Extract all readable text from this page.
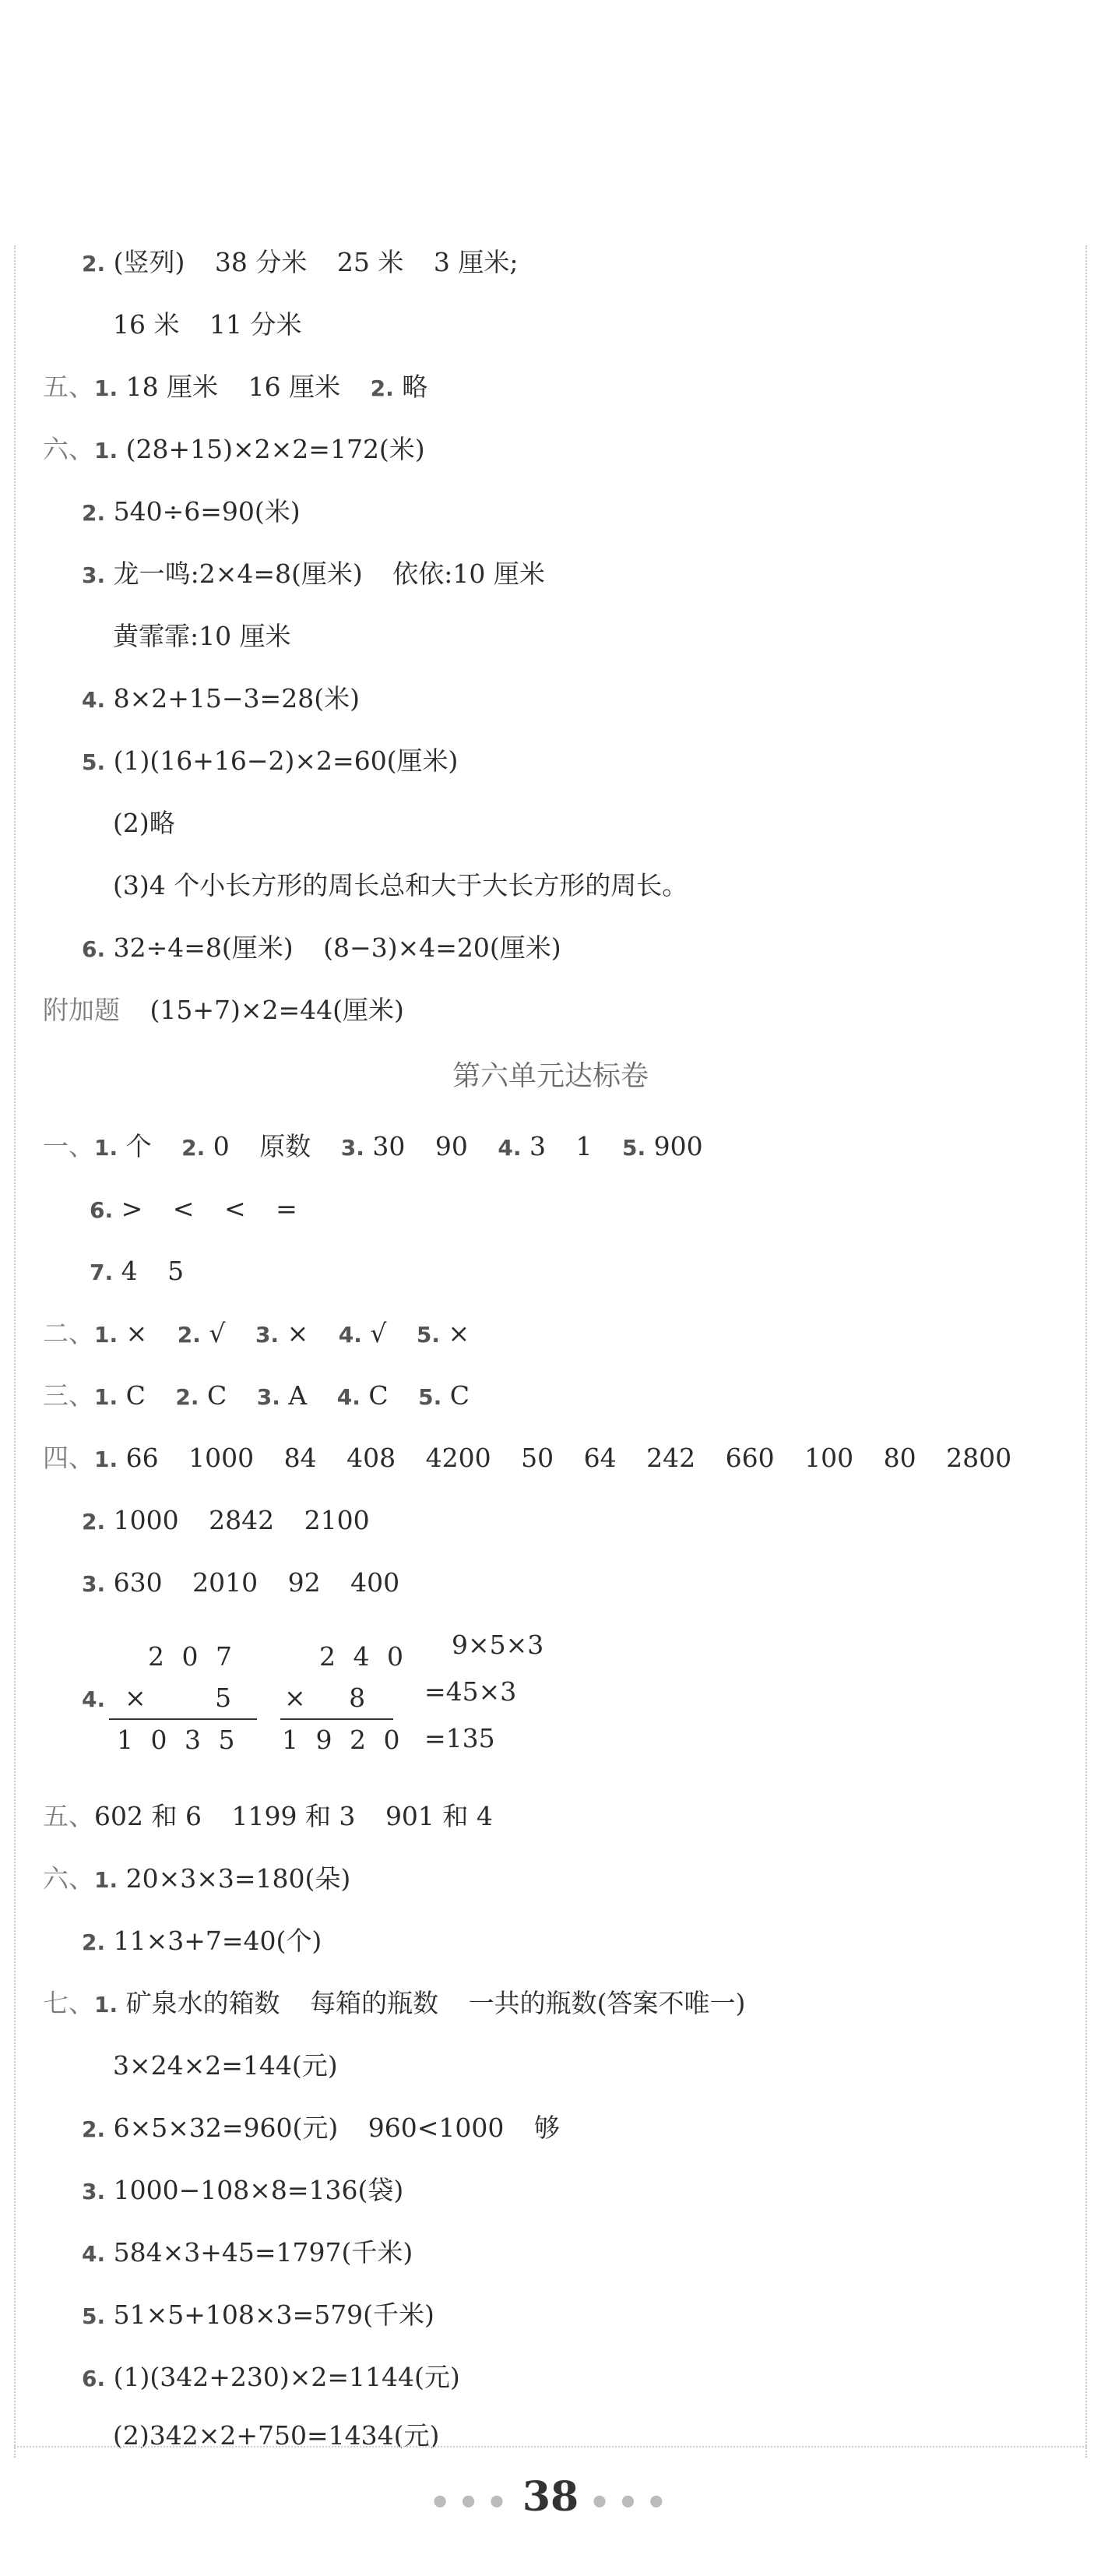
2. (竖列) 38 分米 25 米 3 厘米;
16 米 11 分米
五、1. 18 厘米 16 厘米 2. 略
六、1. (28+15)×2×2=172(米)
2. 540÷6=90(米)
3. 龙一鸣:2×4=8(厘米) 依依:10 厘米
黄霏霏:10 厘米
4. 8×2+15−3=28(米)
5. (1)(16+16−2)×2=60(厘米)
(2)略
(3)4 个小长方形的周长总和大于大长方形的周长。
6. 32÷4=8(厘米) (8−3)×4=20(厘米)
附加题 (15+7)×2=44(厘米)
第六单元达标卷
一、1. 个 2. 0 原数 3. 30 90 4. 3 1 5. 900
6. > < < =
7. 4 5
二、1. × 2. √ 3. × 4. √ 5. ×
三、1. C 2. C 3. A 4. C 5. C
四、1. 66 1000 84 408 4200 50 64 242 660 100 80 2800
2. 1000 2842 2100
3. 630 2010 92 400
2 0 7
×     5
1 0 3 5
4.
2 4 0
×   8
1 9 2 0
9×5×3
=45×3
=135
五、602 和 6 1199 和 3 901 和 4
六、1. 20×3×3=180(朵)
2. 11×3+7=40(个)
七、1. 矿泉水的箱数 每箱的瓶数 一共的瓶数(答案不唯一)
3×24×2=144(元)
2. 6×5×32=960(元) 960<1000 够
3. 1000−108×8=136(袋)
4. 584×3+45=1797(千米)
5. 51×5+108×3=579(千米)
6. (1)(342+230)×2=1144(元)
(2)342×2+750=1434(元)
● ● ● 38 ● ● ●
